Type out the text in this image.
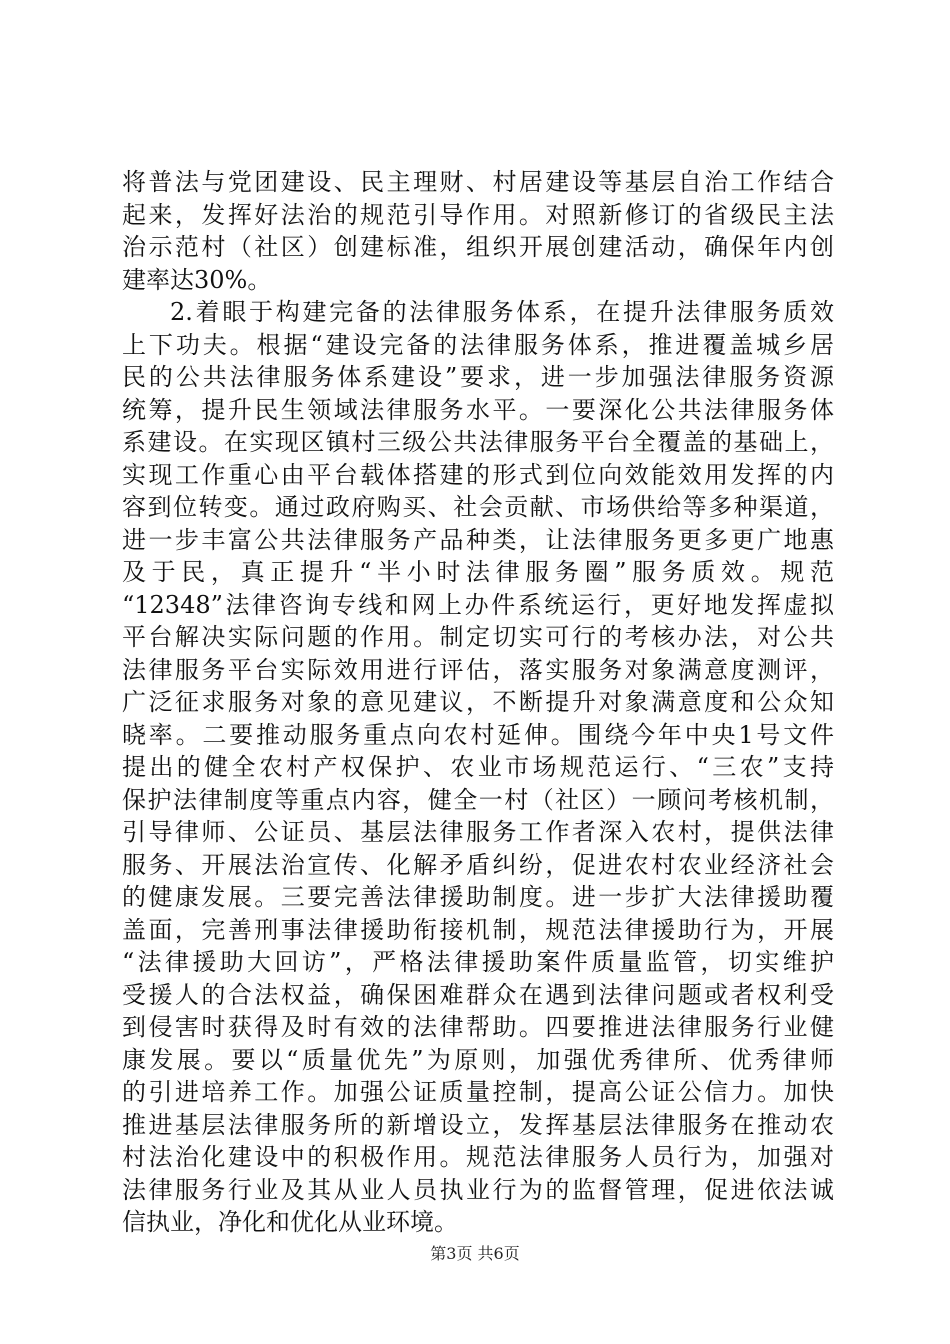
将普法与党团建设、民主理财、村居建设等基层自治工作结合
起来，发挥好法治的规范引导作用。对照新修订的省级民主法
治示范村（社区）创建标准，组织开展创建活动，确保年内创
建率达30%。
2.着眼于构建完备的法律服务体系，在提升法律服务质效
上下功夫。根据“建设完备的法律服务体系，推进覆盖城乡居
民的公共法律服务体系建设”要求，进一步加强法律服务资源
统筹，提升民生领域法律服务水平。一要深化公共法律服务体
系建设。在实现区镇村三级公共法律服务平台全覆盖的基础上，
实现工作重心由平台载体搭建的形式到位向效能效用发挥的内
容到位转变。通过政府购买、社会贡献、市场供给等多种渠道，
进一步丰富公共法律服务产品种类，让法律服务更多更广地惠
及于民，真正提升“半小时法律服务圈”服务质效。规范
“12348”法律咨询专线和网上办件系统运行，更好地发挥虚拟
平台解决实际问题的作用。制定切实可行的考核办法，对公共
法律服务平台实际效用进行评估，落实服务对象满意度测评，
广泛征求服务对象的意见建议，不断提升对象满意度和公众知
晓率。二要推动服务重点向农村延伸。围绕今年中央1号文件
提出的健全农村产权保护、农业市场规范运行、“三农”支持
保护法律制度等重点内容，健全一村（社区）一顾问考核机制，
引导律师、公证员、基层法律服务工作者深入农村，提供法律
服务、开展法治宣传、化解矛盾纠纷，促进农村农业经济社会
的健康发展。三要完善法律援助制度。进一步扩大法律援助覆
盖面，完善刑事法律援助衔接机制，规范法律援助行为，开展
“法律援助大回访”，严格法律援助案件质量监管，切实维护
受援人的合法权益，确保困难群众在遇到法律问题或者权利受
到侵害时获得及时有效的法律帮助。四要推进法律服务行业健
康发展。要以“质量优先”为原则，加强优秀律所、优秀律师
的引进培养工作。加强公证质量控制，提高公证公信力。加快
推进基层法律服务所的新增设立，发挥基层法律服务在推动农
村法治化建设中的积极作用。规范法律服务人员行为，加强对
法律服务行业及其从业人员执业行为的监督管理，促进依法诚
信执业，净化和优化从业环境。
第3页 共6页
